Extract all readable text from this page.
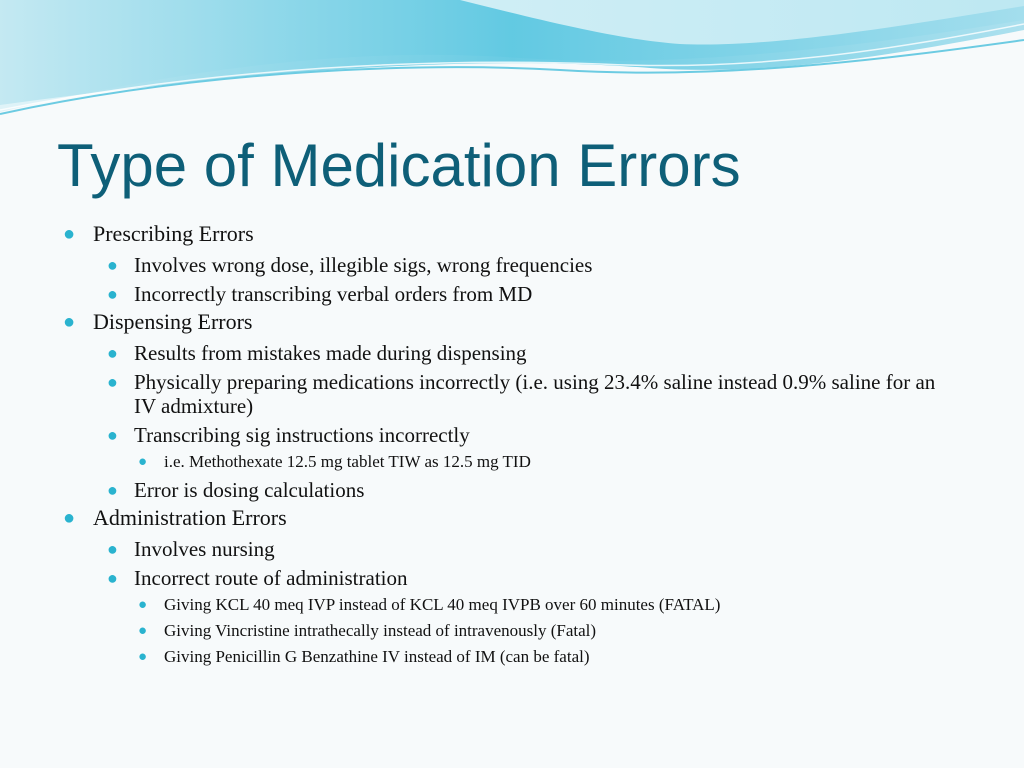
Type of Medication Errors
● Prescribing Errors
● Involves wrong dose, illegible sigs, wrong frequencies
● Incorrectly transcribing verbal orders from MD
● Dispensing Errors
● Results from mistakes made during dispensing
● Physically preparing medications incorrectly (i.e. using 23.4% saline instead 0.9% saline for an IV admixture)
● Transcribing sig instructions incorrectly
● i.e. Methothexate 12.5 mg tablet TIW as 12.5 mg TID
● Error is dosing calculations
● Administration Errors
● Involves nursing
● Incorrect route of administration
● Giving KCL 40 meq IVP instead of KCL 40 meq IVPB over 60 minutes (FATAL)
● Giving Vincristine intrathecally instead of intravenously (Fatal)
● Giving Penicillin G Benzathine IV instead of IM (can be fatal)
